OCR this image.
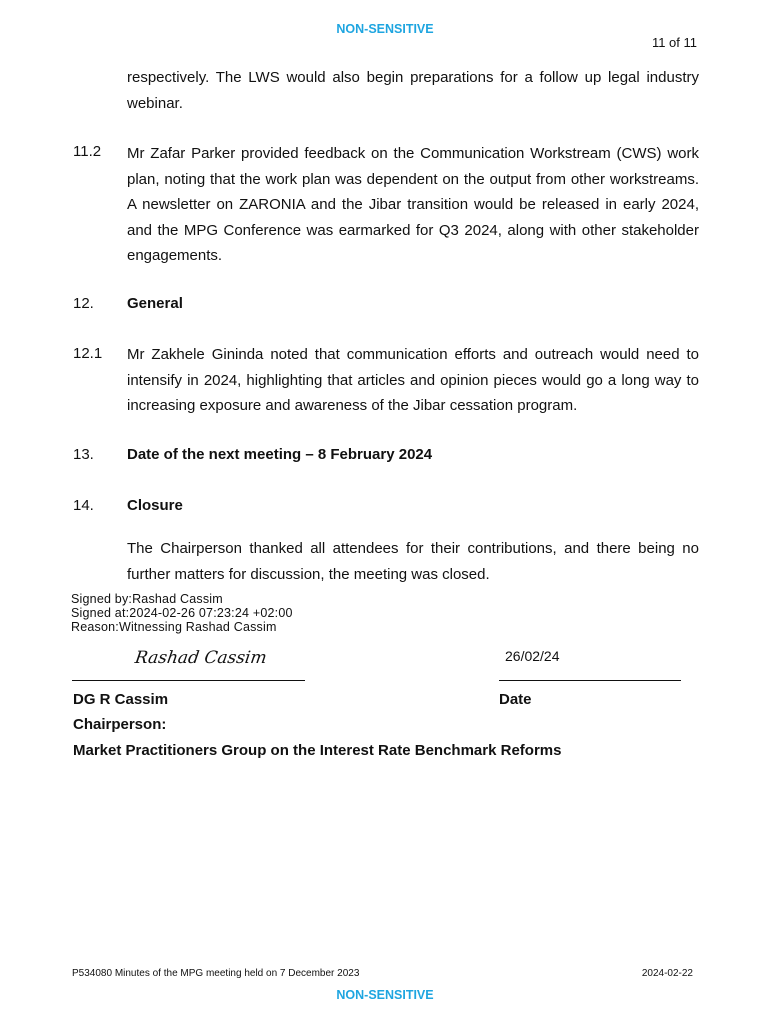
NON-SENSITIVE
11 of 11
respectively. The LWS would also begin preparations for a follow up legal industry webinar.
11.2 Mr Zafar Parker provided feedback on the Communication Workstream (CWS) work plan, noting that the work plan was dependent on the output from other workstreams. A newsletter on ZARONIA and the Jibar transition would be released in early 2024, and the MPG Conference was earmarked for Q3 2024, along with other stakeholder engagements.
12. General
12.1 Mr Zakhele Gininda noted that communication efforts and outreach would need to intensify in 2024, highlighting that articles and opinion pieces would go a long way to increasing exposure and awareness of the Jibar cessation program.
13. Date of the next meeting – 8 February 2024
14. Closure
The Chairperson thanked all attendees for their contributions, and there being no further matters for discussion, the meeting was closed.
Signed by:Rashad Cassim
Signed at:2024-02-26 07:23:24 +02:00
Reason:Witnessing Rashad Cassim
Rashad Cassim	26/02/24
DG R Cassim	Date
Chairperson:
Market Practitioners Group on the Interest Rate Benchmark Reforms
P534080 Minutes of the MPG meeting held on 7 December 2023	2024-02-22
NON-SENSITIVE
